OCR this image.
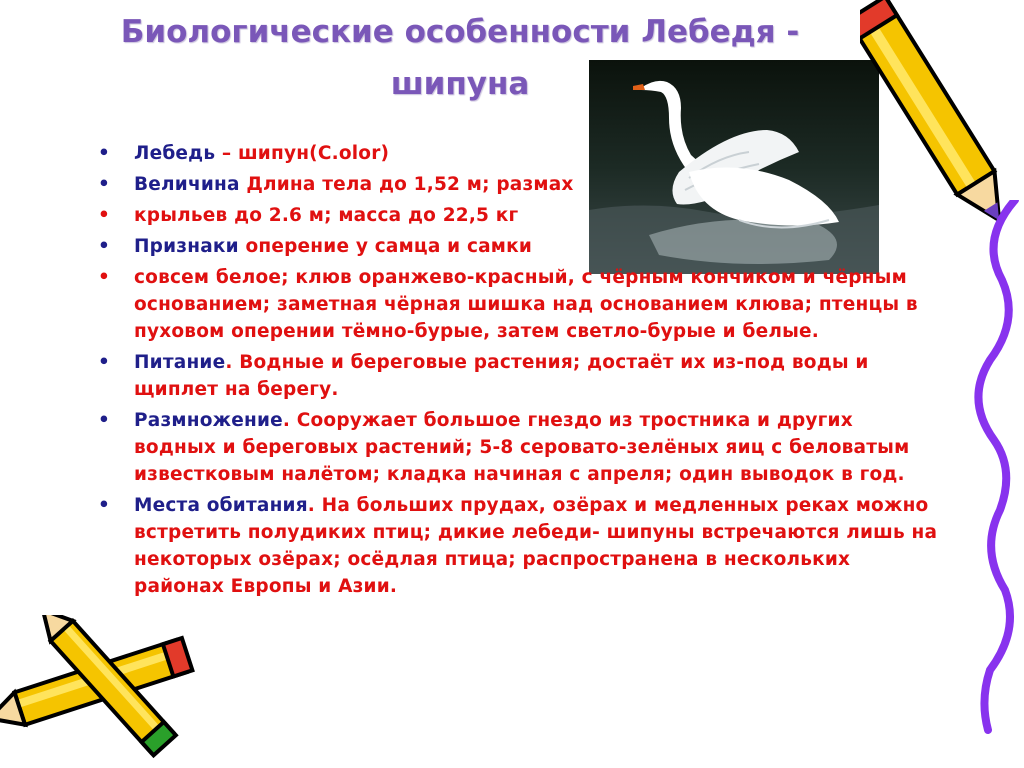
Биологические особенности Лебедя -
шипуна
• Лебедь – шипун(C.olor)
• Величина Длина тела до 1,52 м; размах
• крыльев до 2.6 м; масса до 22,5 кг
• Признаки оперение у самца и самки
• совсем белое; клюв оранжево-красный, с чёрным кончиком и чёрным основанием; заметная чёрная шишка над основанием клюва; птенцы в пуховом оперении тёмно-бурые, затем светло-бурые и белые.
• Питание. Водные и береговые растения; достаёт их из-под воды и щиплет на берегу.
• Размножение. Сооружает большое гнездо из тростника и других водных и береговых растений; 5-8 серовато-зелёных яиц с беловатым известковым налётом; кладка начиная с апреля; один выводок в год.
• Места обитания. На больших прудах, озёрах и медленных реках можно встретить полудиких птиц; дикие лебеди- шипуны встречаются лишь на некоторых озёрах; осёдлая птица; распространена в нескольких районах Европы и Азии.
